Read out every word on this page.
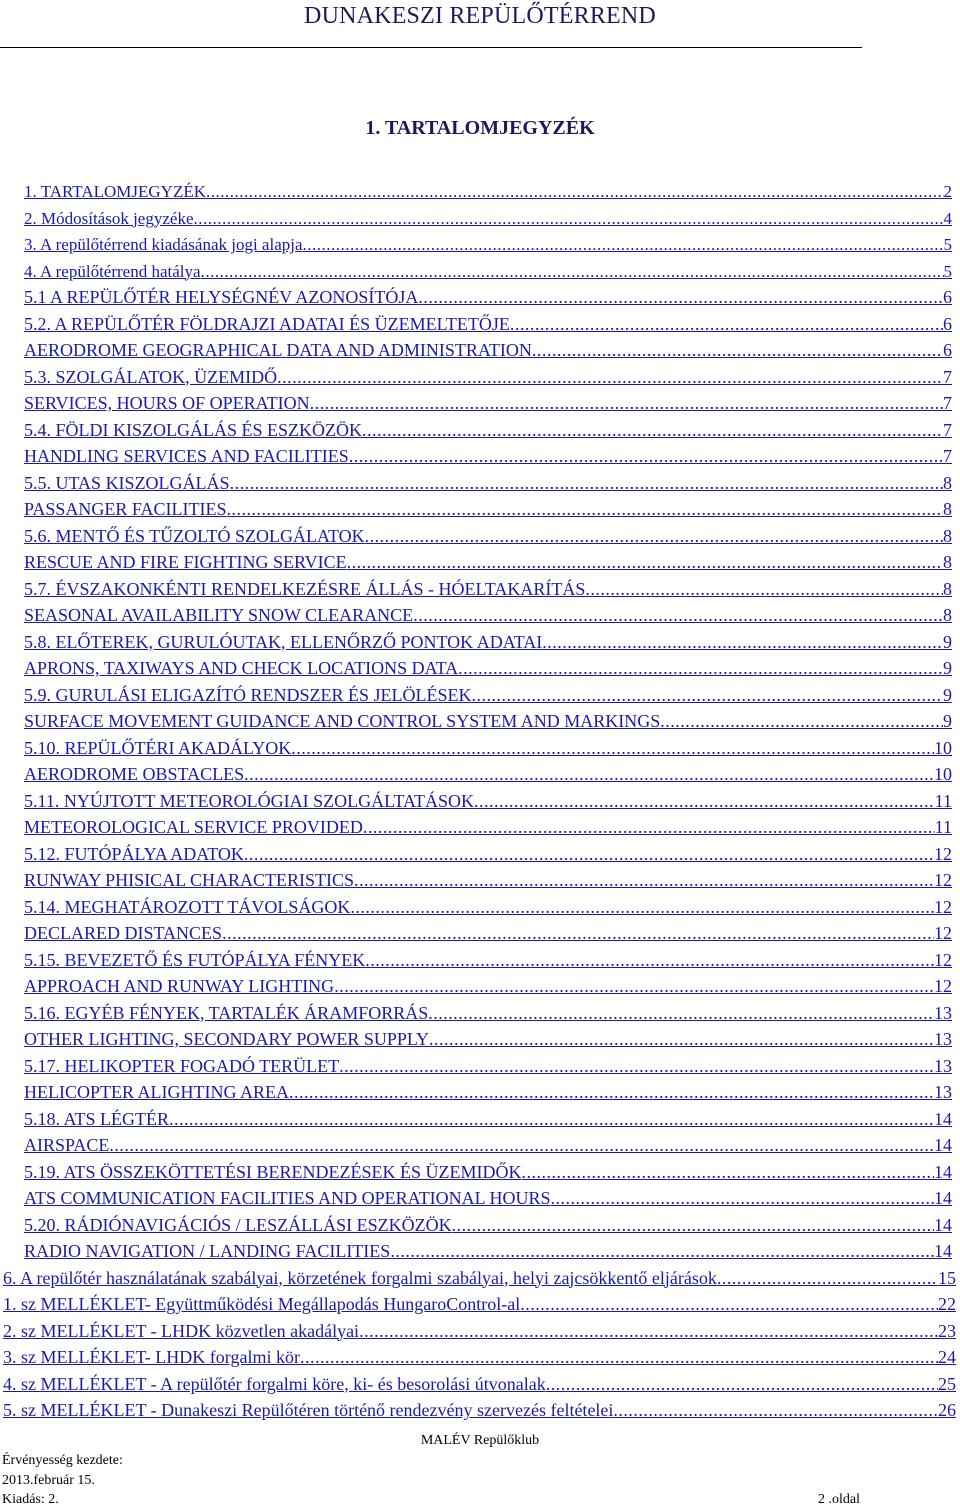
DUNAKESZI REPÜLŐTÉRREND
1. TARTALOMJEGYZÉK
1. TARTALOMJEGYZÉK .....	2
2. Módosítások jegyzéke .....	4
3. A repülőtérrend kiadásának jogi alapja .....	5
4. A repülőtérrend hatálya .....	5
5.1 A REPÜLŐTÉR HELYSÉGNÉV AZONOSÍTÓJA .....	6
5.2. A REPÜLŐTÉR FÖLDRAJZI ADATAI ÉS ÜZEMELTETŐJE .....	6
AERODROME GEOGRAPHICAL DATA AND ADMINISTRATION .....	6
5.3. SZOLGÁLATOK, ÜZEMIDŐ .....	7
SERVICES, HOURS OF OPERATION .....	7
5.4. FÖLDI KISZOLGÁLÁS ÉS ESZKÖZÖK .....	7
HANDLING SERVICES AND FACILITIES .....	7
5.5. UTAS KISZOLGÁLÁS .....	8
PASSANGER FACILITIES .....	8
5.6. MENTŐ ÉS TŰZOLTÓ SZOLGÁLATOK .....	8
RESCUE AND FIRE FIGHTING SERVICE .....	8
5.7. ÉVSZAKONKÉNTI RENDELKEZÉSRE ÁLLÁS - HÓELTAKARÍTÁS .....	8
SEASONAL AVAILABILITY SNOW CLEARANCE .....	8
5.8. ELŐTEREK, GURULÓUTAK, ELLENŐRZŐ PONTOK ADATAI .....	9
APRONS, TAXIWAYS AND CHECK LOCATIONS DATA .....	9
5.9. GURULÁSI ELIGAZÍTÓ RENDSZER ÉS JELÖLÉSEK .....	9
SURFACE MOVEMENT GUIDANCE AND CONTROL SYSTEM AND MARKINGS .....	9
5.10. REPÜLŐTÉRI AKADÁLYOK .....	10
AERODROME OBSTACLES .....	10
5.11. NYÚJTOTT METEOROLÓGIAI SZOLGÁLTATÁSOK .....	11
METEOROLOGICAL SERVICE PROVIDED .....	11
5.12. FUTÓPÁLYA ADATOK .....	12
RUNWAY PHISICAL CHARACTERISTICS .....	12
5.14. MEGHATÁROZOTT TÁVOLSÁGOK .....	12
DECLARED DISTANCES .....	12
5.15. BEVEZETŐ ÉS FUTÓPÁLYA FÉNYEK .....	12
APPROACH AND RUNWAY LIGHTING .....	12
5.16. EGYÉB FÉNYEK, TARTALÉK ÁRAMFORRÁS .....	13
OTHER LIGHTING, SECONDARY POWER SUPPLY .....	13
5.17. HELIKOPTER FOGADÓ TERÜLET .....	13
HELICOPTER ALIGHTING AREA .....	13
5.18. ATS LÉGTÉR .....	14
AIRSPACE .....	14
5.19. ATS ÖSSZEKÖTTETÉSI BERENDEZÉSEK ÉS ÜZEMIDŐK .....	14
ATS COMMUNICATION FACILITIES AND OPERATIONAL HOURS .....	14
5.20. RÁDIÓNAVIGÁCIÓS / LESZÁLLÁSI ESZKÖZÖK .....	14
RADIO NAVIGATION / LANDING FACILITIES .....	14
6. A repülőtér használatának szabályai, körzetének forgalmi szabályai, helyi zajcsökkentő eljárások .....	15
1. sz MELLÉKLET- Együttműködési Megállapodás HungaroControl-al .....	22
2. sz MELLÉKLET - LHDK közvetlen akadályai .....	23
3. sz MELLÉKLET- LHDK forgalmi kör .....	24
4. sz MELLÉKLET - A repülőtér forgalmi köre, ki- és besorolási útvonalak .....	25
5. sz MELLÉKLET - Dunakeszi Repülőtéren történő rendezvény szervezés feltételei .....	26
MALÉV Repülőklub
Érvényesség kezdete:
2013.február 15.
Kiadás: 2.	2 .oldal
